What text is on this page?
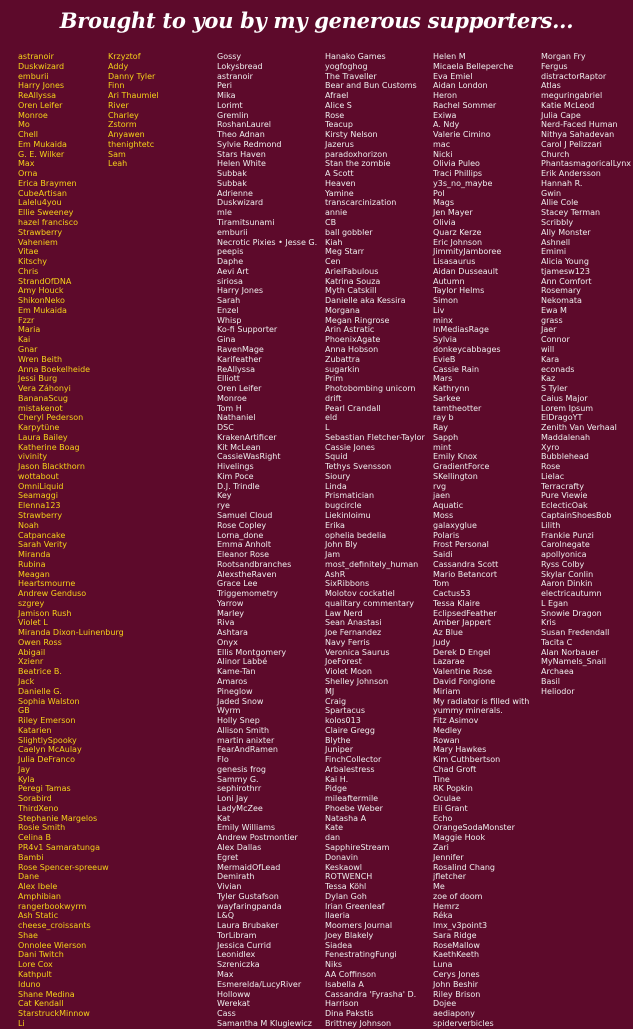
Brought to you by my generous supporters...
astranoir
Duskwizard
emburii
Harry Jones
ReAllyssa
Oren Leifer
Monroe
Mo
Chell
Em Mukaida
G. E. Wilker
Max
Orna
Erica Braymen
CubeArtisan
Lalelu4you
Ellie Sweeney
hazel francisco
Strawberry
Vaheniem
Vitae
Kitschy
Chris
StrandOfDNA
Amy Houck
ShikonNeko
Em Mukaida
Fzzr
Maria
Kai
Gnar
Wren Beith
Anna Boekelheide
Jessi Burg
Vera Záhonyi
BananaScug
mistakenot
Cheryl Pederson
Karpytüne
Laura Bailey
Katherine Boag
vivinity
Jason Blackthorn
wottabout
OmniLiquid
Seamaggi
Elenna123
Strawberry
Noah
Catpancake
Sarah Verity
Miranda
Rubina
Meagan
Heartsmourne
Andrew Genduso
szgrey
Jamison Rush
Violet L
Miranda Dixon-Luinenburg
Owen Ross
Abigail
Xzienr
Beatrice B.
Jack
Danielle G.
Sophia Walston
GB
Riley Emerson
Katarien
SlightlySpooky
Caelyn McAulay
Julia DeFranco
Jay
Kyla
Peregi Tamas
Sorabird
ThirdXeno
Stephanie Margelos
Rosie Smith
Celina B
PR4v1 Samaratunga
Bambi
Rose Spencer-spreeuw
Dane
Alex Ibele
Amphibian
rangerbookwyrm
Ash Static
cheese_croissants
Shae
Onnolee Wierson
Dani Twitch
Lore Cox
Kathpult
Iduno
Shane Medina
Cat Kendall
StarstruckMinnow
Li
Krzyztof
Addy
Danny Tyler
Finn
Ari Thaumiel
River
Charley
Zstorm
Anyawen
thenightetc
Sam
Leah
Gossy
Lokysbread
astranoir
Peri
Mika
Lorimt
Gremlin
RoshanLaurel
Theo Adnan
Sylvie Redmond
Stars Haven
Helen White
Subbak
Subbak
Adrienne
Duskwizard
mle
Tiramitsunami
emburii
Necrotic Pixies • Jesse G.
peepis
Daphe
Aevi Art
siriosa
Harry Jones
Sarah
Enzel
Whisp
Ko-fi Supporter
Gina
RavenMage
Karifeather
ReAllyssa
Elliott
Oren Leifer
Monroe
Tom H
Nathaniel
DSC
KrakenArtificer
Kit McLean
CassieWasRight
Hivelings
Kim Poce
D.J. Trindle
Key
rye
Samuel Cloud
Rose Copley
Lorna_done
Emma Anholt
Eleanor Rose
Rootsandbranches
AlexstheRaven
Grace Lee
Triggemometry
Yarrow
Marley
Riva
Ashtara
Onyx
Ellis Montgomery
Alinor Labbé
Kame-Tan
Amaros
Pineglow
Jaded Snow
Wyrm
Holly Snep
Allison Smith
martin anixter
FearAndRamen
Flo
genesis frog
Sammy G.
sephirothrr
Loni Jay
LadyMcZee
Kat
Emily Williams
Andrew Postmontier
Alex Dallas
Egret
MermaidOfLead
Demirath
Vivian
Tyler Gustafson
wayfaringpanda
L&Q
Laura Brubaker
TorLibram
Jessica Currid
Leonidlex
Szreniczka
Max
Esmerelda/LucyRiver
Holloww
Werekat
Cass
Samantha M Klugiewicz
Hanako Games
yogfoghog
The Traveller
Bear and Bun Customs
Afrael
Alice S
Rose
Teacup
Kirsty Nelson
Jazerus
paradoxhorizon
Stan the zombie
A Scott
Heaven
Yamine
transcarcinization
annie
CB
ball gobbler
Kiah
Meg Starr
Cen
ArielFabulous
Katrina Souza
Myth Catskill
Danielle aka Kessira
Morgana
Megan Ringrose
Arin Astratic
PhoenixAgate
Anna Hobson
Zubattra
sugarkin
Prim
Photobombing unicorn
drift
Pearl Crandall
eld
L
Sebastian Fletcher-Taylor
Cassie Jones
Squid
Tethys Svensson
Sioury
Linda
Prismatician
bugcircle
Liekinloimu
Erika
ophelia bedelia
John Bly
Jam
most_definitely_human
AshR
SixRibbons
Molotov cockatiel
qualitary commentary
Law Nerd
Sean Anastasi
Joe Fernandez
Navy Ferris
Veronica Saurus
JoeForest
Violet Moon
Shelley Johnson
MJ
Craig
Spartacus
kolos013
Claire Gregg
Blythe
Juniper
FinchCollector
Arbalestress
Kai H.
Pidge
mileaftermile
Phoebe Weber
Natasha A
Kate
dan
SapphireStream
Donavin
Keskaowl
ROTWENCH
Tessa Köhl
Dylan Goh
Irian Greenleaf
Ilaeria
Moomers Journal
Joey Blakely
Siadea
FenestratingFungi
Niks
AA Coffinson
Isabella A
Cassandra 'Fyrasha' D.
Harrison
Dina Pakstis
Brittney Johnson
Helen M
Micaela Belleperche
Eva Emiel
Aidan London
Heron
Rachel Sommer
Exiwa
A. Ndy
Valerie Cimino
mac
Nicki
Olivia Puleo
Traci Phillips
y3s_no_maybe
Pol
Mags
Jen Mayer
Olivia
Quarz Kerze
Eric Johnson
JimmityJamboree
Lisasaurus
Aidan Dusseault
Autumn
Taylor Helms
Simon
Liv
minx
InMediasRage
Sylvia
donkeycabbages
EvieB
Cassie Rain
Mars
Kathrynn
Sarkee
tamtheotter
ray b
Ray
Sapph
mint
Emily Knox
GradientForce
SKellington
rvg
jaen
Aquatic
Moss
galaxyglue
Polaris
Frost Personal
Saidi
Cassandra Scott
Mario Betancort
Tom
Cactus53
Tessa Klaire
EclipsedFeather
Amber Jappert
Az Blue
Judy
Derek D Engel
Lazarae
Valentine Rose
David Fongione
Miriam
My radiator is filled with
yummy minerals.
Fitz Asimov
Medley
Rowan
Mary Hawkes
Kim Cuthbertson
Chad Groft
Tine
RK Popkin
Oculae
Eli Grant
Echo
OrangeSodaMonster
Maggie Hook
Zari
Jennifer
Rosalind Chang
jfletcher
Me
zoe of doom
Hemrz
Réka
lmx_v3point3
Sara Ridge
RoseMallow
KaethKeeth
Luna
Cerys Jones
John Beshir
Riley Brison
Dojee
aediapony
spiderverbicles
Morgan Fry
Fergus
distractorRaptor
Atlas
meguringabriel
Katie McLeod
Julia Cape
Nerd-Faced Human
Nithya Sahadevan
Carol J Pelizzari
Church
PhantasmagoricalLynx
Erik Andersson
Hannah R.
Gwin
Allie Cole
Stacey Terman
Scribbly
Ally Monster
Ashnell
Emimi
Alicia Young
tjamesw123
Ann Comfort
Rosemary
Nekomata
Ewa M
grass
Jaer
Connor
will
Kara
econads
Kaz
S Tyler
Caius Major
Lorem Ipsum
ElDragoYT
Zenith Van Verhaal
Maddalenah
Xyro
Bubblehead
Rose
Lielac
Terracrafty
Pure Viewie
EclecticOak
CaptainShoesBob
Lilith
Frankie Punzi
Carolnegate
apollyonica
Ryss Colby
Skylar Conlin
Aaron Dinkin
electricautumn
L Egan
Snowie Dragon
Kris
Susan Fredendall
Tacita C
Alan Norbauer
MyNamels_Snail
Archaea
Basil
Heliodor
